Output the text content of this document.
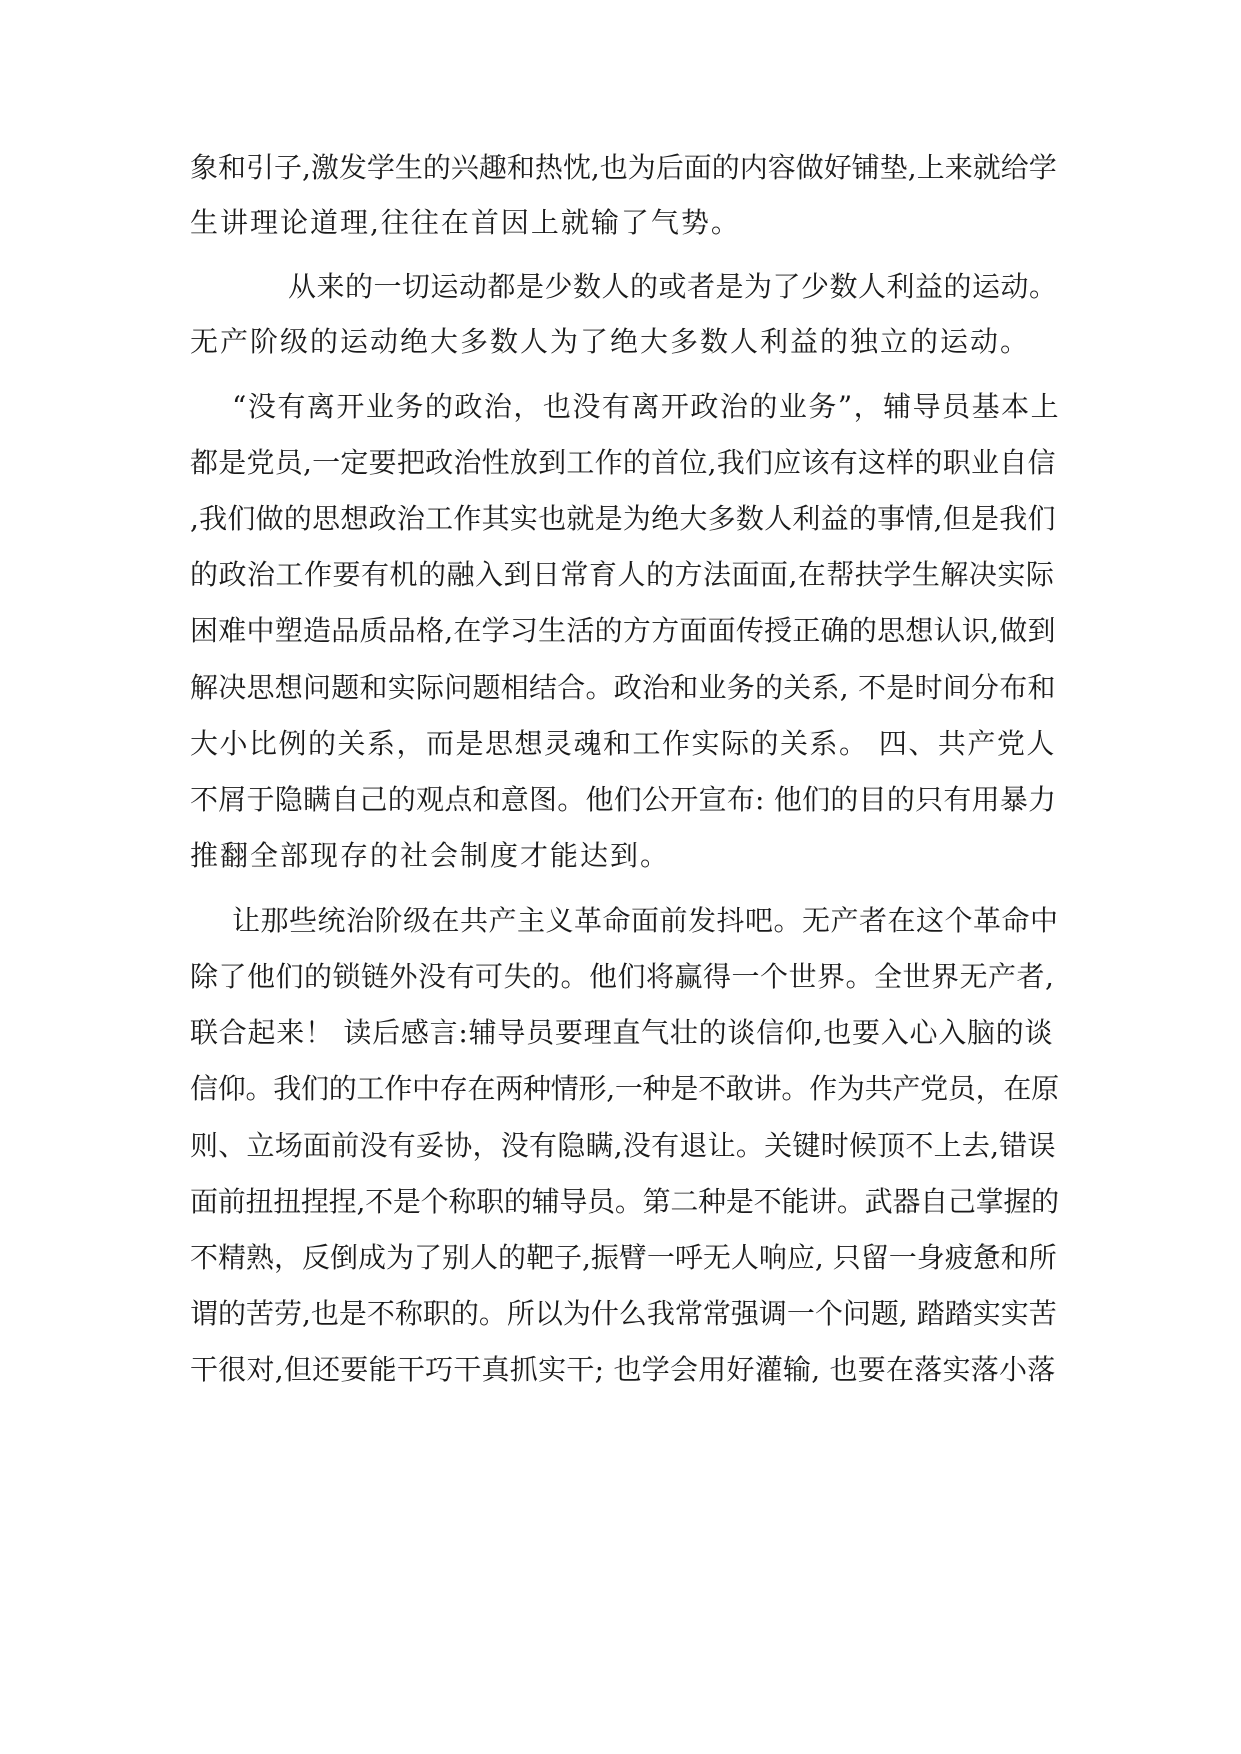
象和引子,激发学生的兴趣和热忱,也为后面的内容做好铺垫,上来就给学
生讲理论道理,往往在首因上就输了气势。
从来的一切运动都是少数人的或者是为了少数人利益的运动。
无产阶级的运动绝大多数人为了绝大多数人利益的独立的运动。
“没有离开业务的政治，也没有离开政治的业务”，辅导员基本上
都是党员,一定要把政治性放到工作的首位,我们应该有这样的职业自信
,我们做的思想政治工作其实也就是为绝大多数人利益的事情,但是我们
的政治工作要有机的融入到日常育人的方法面面,在帮扶学生解决实际
困难中塑造品质品格,在学习生活的方方面面传授正确的思想认识,做到
解决思想问题和实际问题相结合。政治和业务的关系, 不是时间分布和
大小比例的关系，而是思想灵魂和工作实际的关系。 四、共产党人
不屑于隐瞒自己的观点和意图。他们公开宣布: 他们的目的只有用暴力
推翻全部现存的社会制度才能达到。
让那些统治阶级在共产主义革命面前发抖吧。无产者在这个革命中
除了他们的锁链外没有可失的。他们将赢得一个世界。全世界无产者,
联合起来！ 读后感言:辅导员要理直气壮的谈信仰,也要入心入脑的谈
信仰。我们的工作中存在两种情形,一种是不敢讲。作为共产党员，在原
则、立场面前没有妥协，没有隐瞒,没有退让。关键时候顶不上去,错误
面前扭扭捏捏,不是个称职的辅导员。第二种是不能讲。武器自己掌握的
不精熟，反倒成为了别人的靶子,振臂一呼无人响应, 只留一身疲惫和所
谓的苦劳,也是不称职的。所以为什么我常常强调一个问题, 踏踏实实苦
干很对,但还要能干巧干真抓实干; 也学会用好灌输, 也要在落实落小落
